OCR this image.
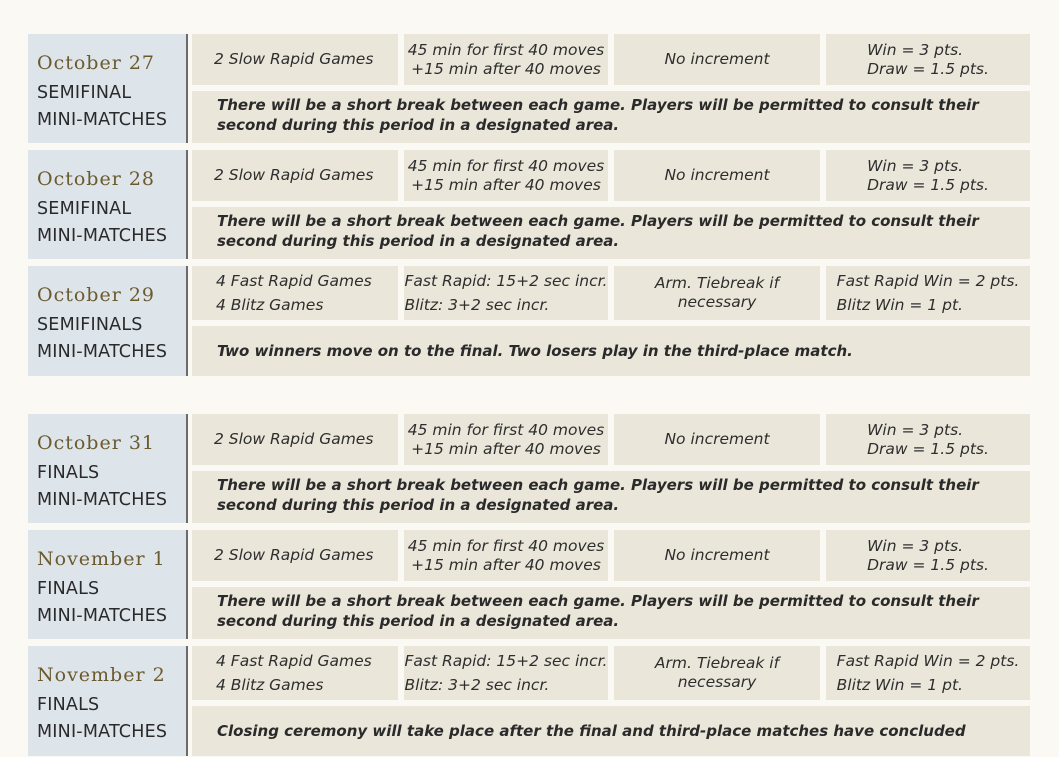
October 27
SEMIFINAL
MINI-MATCHES
2 Slow Rapid Games
45 min for first 40 moves
+15 min after 40 moves
No increment
Win = 3 pts.
Draw = 1.5 pts.
There will be a short break between each game. Players will be permitted to consult their second during this period in a designated area.
October 28
SEMIFINAL
MINI-MATCHES
2 Slow Rapid Games
45 min for first 40 moves
+15 min after 40 moves
No increment
Win = 3 pts.
Draw = 1.5 pts.
There will be a short break between each game. Players will be permitted to consult their second during this period in a designated area.
October 29
SEMIFINALS
MINI-MATCHES
4 Fast Rapid Games
4 Blitz Games
Fast Rapid: 15+2 sec incr.
Blitz: 3+2 sec incr.
Arm. Tiebreak if necessary
Fast Rapid Win = 2 pts.
Blitz Win = 1 pt.
Two winners move on to the final. Two losers play in the third-place match.
October 31
FINALS
MINI-MATCHES
2 Slow Rapid Games
45 min for first 40 moves
+15 min after 40 moves
No increment
Win = 3 pts.
Draw = 1.5 pts.
There will be a short break between each game. Players will be permitted to consult their second during this period in a designated area.
November 1
FINALS
MINI-MATCHES
2 Slow Rapid Games
45 min for first 40 moves
+15 min after 40 moves
No increment
Win = 3 pts.
Draw = 1.5 pts.
There will be a short break between each game. Players will be permitted to consult their second during this period in a designated area.
November 2
FINALS
MINI-MATCHES
4 Fast Rapid Games
4 Blitz Games
Fast Rapid: 15+2 sec incr.
Blitz: 3+2 sec incr.
Arm. Tiebreak if necessary
Fast Rapid Win = 2 pts.
Blitz Win = 1 pt.
Closing ceremony will take place after the final and third-place matches have concluded
